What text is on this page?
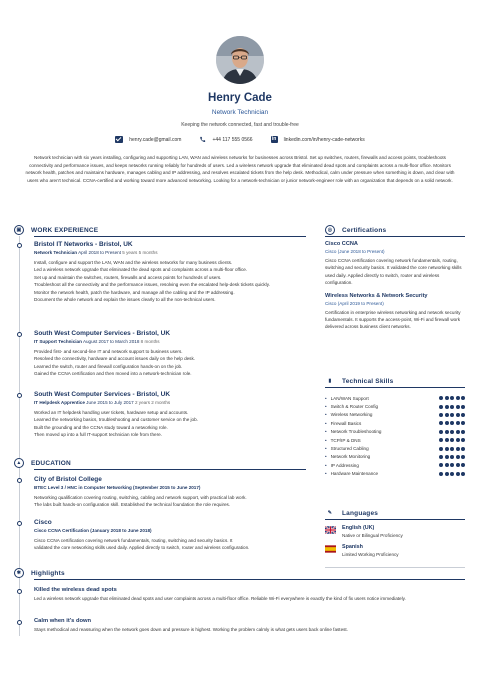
Henry Cade
Network Technician
Keeping the network connected, fast and trouble-free
henry.cade@gmail.com	+44 117 555 0566	in linkedin.com/in/henry-cade-networks
Network technician with six years installing, configuring and supporting LAN, WAN and wireless networks for businesses across Bristol. Set up switches, routers, firewalls and access points, troubleshoots connectivity and performance issues, and keeps networks running reliably for hundreds of users. Led a wireless network upgrade that eliminated dead spots and complaints across a multi-floor office. Monitors network health, patches and maintains hardware, manages cabling and IP addressing, and resolves escalated tickets from the help desk. Methodical, calm under pressure when something is down, and clear with users who aren't technical. CCNA-certified and working toward more advanced networking. Looking for a network-technician or junior network-engineer role with an organization that depends on a solid network.
▣	WORK EXPERIENCE
Bristol IT Networks - Bristol, UK
Network Technician April 2018 to Present 5 years 5 months
Install, configure and support the LAN, WAN and the wireless networks for many business clients.
Led a wireless network upgrade that eliminated the dead spots and complaints across a multi-floor office.
Set up and maintain the switches, routers, firewalls and access points for hundreds of users.
Troubleshoot all the connectivity and the performance issues, resolving even the escalated help-desk tickets quickly.
Monitor the network health, patch the hardware, and manage all the cabling and the IP addressing.
Document the whole network and explain the issues clearly to all the non-technical users.
South West Computer Services - Bristol, UK
IT Support Technician August 2017 to March 2018 8 months
Provided first- and second-line IT and network support to business users.
Resolved the connectivity, hardware and account issues daily on the help desk.
Learned the switch, router and firewall configuration hands-on on the job.
Gained the CCNA certification and then moved into a network-technician role.
South West Computer Services - Bristol, UK
IT Helpdesk Apprentice June 2015 to July 2017 2 years 2 months
Worked an IT helpdesk handling user tickets, hardware setup and accounts.
Learned the networking basics, troubleshooting and customer service on the job.
Built the grounding and the CCNA study toward a networking role.
Then moved up into a full IT-support technician role from there.
▲	EDUCATION
City of Bristol College
BTEC Level 3 / HNC in Computer Networking (September 2015 to June 2017)
Networking qualification covering routing, switching, cabling and network support, with practical lab work.
The labs built hands-on configuration skill. Established the technical foundation the role requires.
Cisco
Cisco CCNA Certification (January 2018 to June 2018)
Cisco CCNA certification covering network fundamentals, routing, switching and security basics. It
validated the core networking skills used daily. Applied directly to switch, router and wireless configuration.
✱	Highlights
Killed the wireless dead spots
Led a wireless network upgrade that eliminated dead spots and user complaints across a multi-floor office. Reliable Wi-Fi everywhere is exactly the kind of fix users notice immediately.
Calm when it's down
Stays methodical and reassuring when the network goes down and pressure is highest. Working the problem calmly is what gets users back online fastest.
◎	Certifications
Cisco CCNA
Cisco (June 2018 to Present)
Cisco CCNA certification covering network fundamentals, routing, switching and security basics. It validated the core networking skills used daily. Applied directly to switch, router and wireless configuration.
Wireless Networks & Network Security
Cisco (April 2019 to Present)
Certification in enterprise wireless networking and network security fundamentals. It supports the access-point, Wi-Fi and firewall work delivered across business client networks.
▮	Technical Skills
• LAN/WAN Support
• Switch & Router Config
• Wireless Networking
• Firewall Basics
• Network Troubleshooting
• TCP/IP & DNS
• Structured Cabling
• Network Monitoring
• IP Addressing
• Hardware Maintenance
✎	Languages
English (UK)
Native or Bilingual Proficiency
Spanish
Limited Working Proficiency
